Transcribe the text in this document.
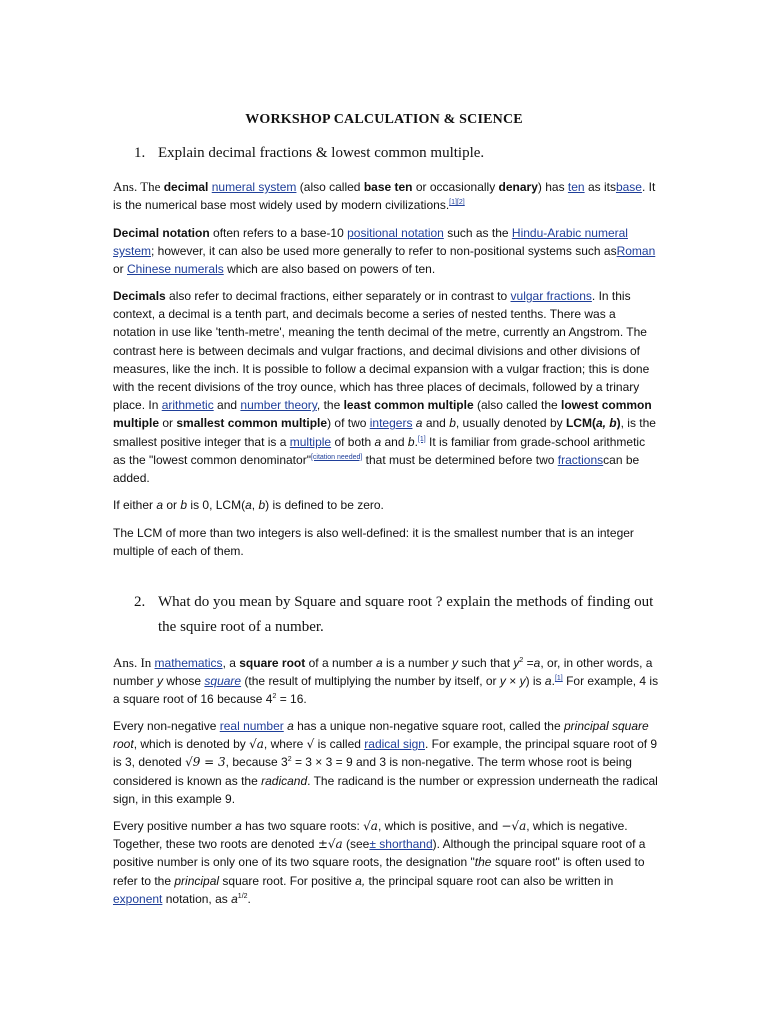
WORKSHOP CALCULATION & SCIENCE
1. Explain decimal fractions & lowest common multiple.

Ans. The decimal numeral system (also called base ten or occasionally denary) has ten as itsbase. It is the numerical base most widely used by modern civilizations.[1][2]

Decimal notation often refers to a base-10 positional notation such as the Hindu-Arabic numeral system; however, it can also be used more generally to refer to non-positional systems such asRoman or Chinese numerals which are also based on powers of ten.

Decimals also refer to decimal fractions, either separately or in contrast to vulgar fractions. In this context, a decimal is a tenth part, and decimals become a series of nested tenths. There was a notation in use like 'tenth-metre', meaning the tenth decimal of the metre, currently an Angstrom. The contrast here is between decimals and vulgar fractions, and decimal divisions and other divisions of measures, like the inch. It is possible to follow a decimal expansion with a vulgar fraction; this is done with the recent divisions of the troy ounce, which has three places of decimals, followed by a trinary place. In arithmetic and number theory, the least common multiple (also called the lowest common multiple or smallest common multiple) of two integers a and b, usually denoted by LCM(a, b), is the smallest positive integer that is a multiple of both a and b.[1] It is familiar from grade-school arithmetic as the "lowest common denominator"[citation needed] that must be determined before two fractionscan be added.

If either a or b is 0, LCM(a, b) is defined to be zero.

The LCM of more than two integers is also well-defined: it is the smallest number that is an integer multiple of each of them.

2. What do you mean by Square and square root ? explain the methods of finding out the squire root of a number.

Ans. In mathematics, a square root of a number a is a number y such that $y^2 =a$, or, in other words, a number y whose square (the result of multiplying the number by itself, or y × y) is a.[1] For example, 4 is a square root of 16 because $4^2 = 16$.

Every non-negative real number a has a unique non-negative square root, called the principal square root, which is denoted by √a, where √ is called radical sign. For example, the principal square root of 9 is 3, denoted √9 = 3, because $3^2 = 3 \times 3 = 9$ and 3 is non-negative. The term whose root is being considered is known as the radicand. The radicand is the number or expression underneath the radical sign, in this example 9.

Every positive number a has two square roots: √a, which is positive, and −√a, which is negative. Together, these two roots are denoted ±√a (see± shorthand). Although the principal square root of a positive number is only one of its two square roots, the designation "the square root" is often used to refer to the principal square root. For positive a, the principal square root can also be written in exponent notation, as $a^{1/2}$.
